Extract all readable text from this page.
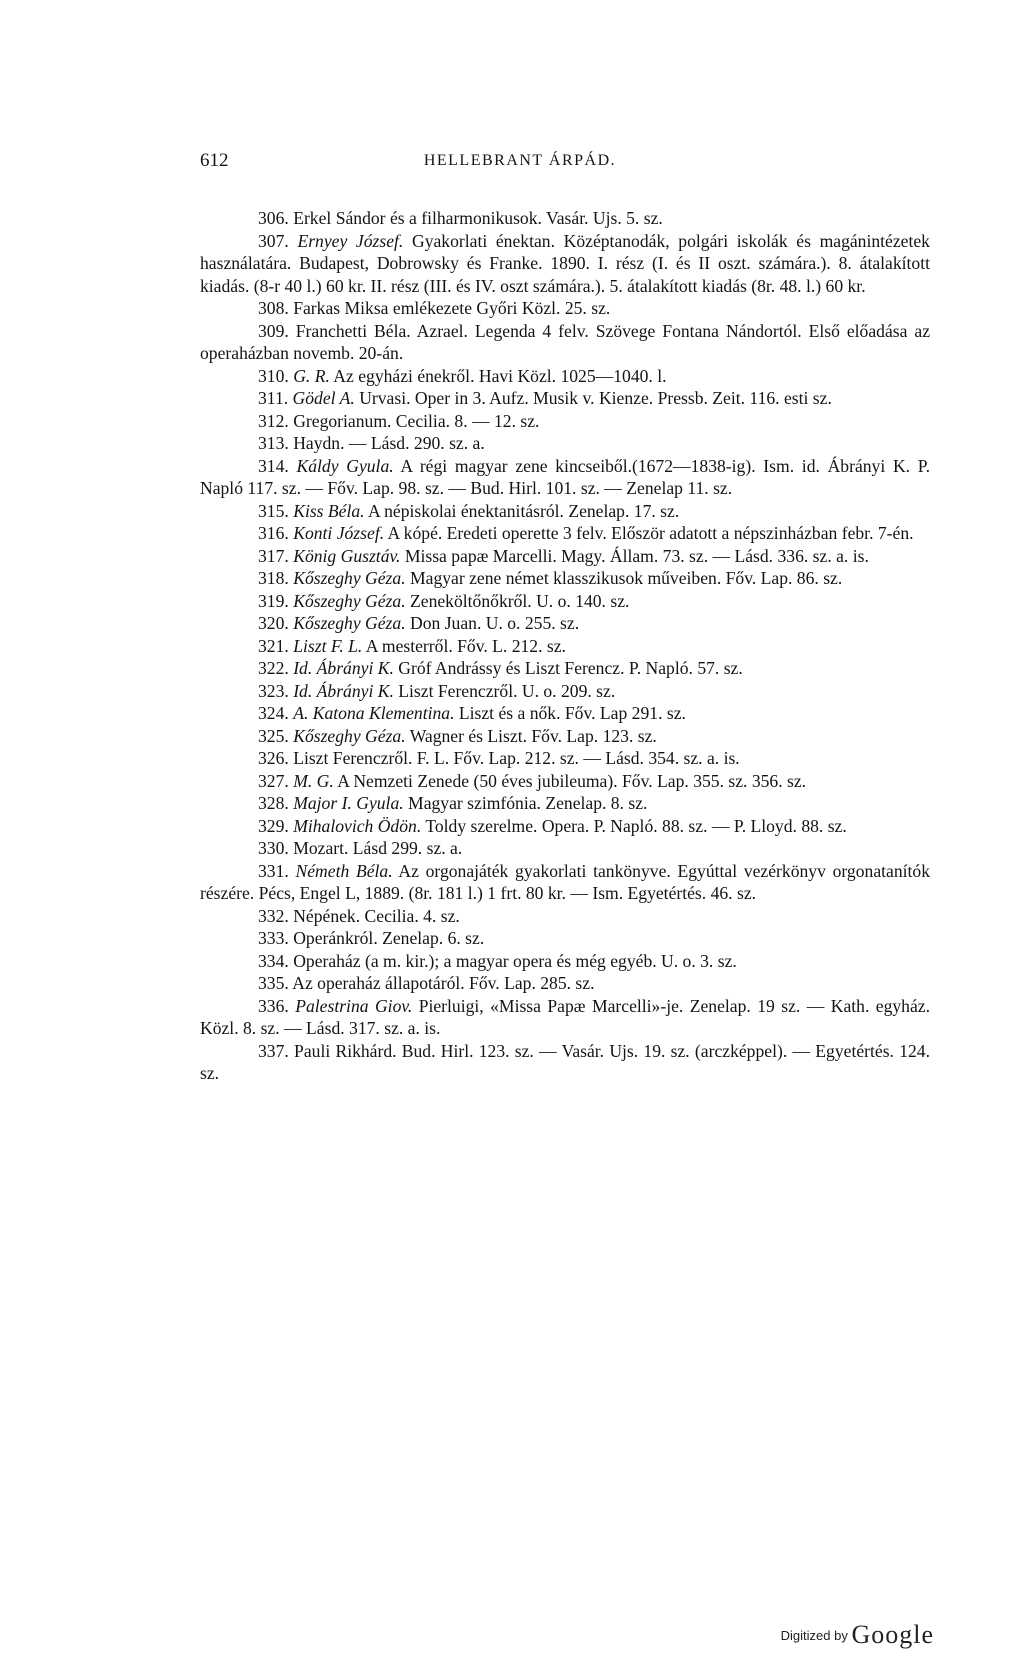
612	HELLEBRANT ÁRPÁD.
306. Erkel Sándor és a filharmonikusok. Vasár. Ujs. 5. sz.
307. Ernyey József. Gyakorlati énektan. Középtanodák, polgári iskolák és magánintézetek használatára. Budapest, Dobrowsky és Franke. 1890. I. rész (I. és II oszt. számára.). 8. átalakított kiadás. (8-r 40 l.) 60 kr. II. rész (III. és IV. oszt számára.). 5. átalakított kiadás (8r. 48. l.) 60 kr.
308. Farkas Miksa emlékezete Győri Közl. 25. sz.
309. Franchetti Béla. Azrael. Legenda 4 felv. Szövege Fontana Nándortól. Első előadása az operaházban novemb. 20-án.
310. G. R. Az egyházi énekről. Havi Közl. 1025—1040. l.
311. Gödel A. Urvasi. Oper in 3. Aufz. Musik v. Kienze. Pressb. Zeit. 116. esti sz.
312. Gregorianum. Cecilia. 8. — 12. sz.
313. Haydn. — Lásd. 290. sz. a.
314. Káldy Gyula. A régi magyar zene kincseiből.(1672—1838-ig). Ism. id. Ábrányi K. P. Napló 117. sz. — Főv. Lap. 98. sz. — Bud. Hirl. 101. sz. — Zenelap 11. sz.
315. Kiss Béla. A népiskolai énektanitásról. Zenelap. 17. sz.
316. Konti József. A kópé. Eredeti operette 3 felv. Először adatott a népszinházban febr. 7-én.
317. König Gusztáv. Missa papæ Marcelli. Magy. Állam. 73. sz. — Lásd. 336. sz. a. is.
318. Kőszeghy Géza. Magyar zene német klasszikusok műveiben. Főv. Lap. 86. sz.
319. Kőszeghy Géza. Zeneköltőnőkről. U. o. 140. sz.
320. Kőszeghy Géza. Don Juan. U. o. 255. sz.
321. Liszt F. L. A mesterről. Főv. L. 212. sz.
322. Id. Ábrányi K. Gróf Andrássy és Liszt Ferencz. P. Napló. 57. sz.
323. Id. Ábrányi K. Liszt Ferenczről. U. o. 209. sz.
324. A. Katona Klementina. Liszt és a nők. Főv. Lap 291. sz.
325. Kőszeghy Géza. Wagner és Liszt. Főv. Lap. 123. sz.
326. Liszt Ferenczről. F. L. Főv. Lap. 212. sz. — Lásd. 354. sz. a. is.
327. M. G. A Nemzeti Zenede (50 éves jubileuma). Főv. Lap. 355. sz. 356. sz.
328. Major I. Gyula. Magyar szimfónia. Zenelap. 8. sz.
329. Mihalovich Ödön. Toldy szerelme. Opera. P. Napló. 88. sz. — P. Lloyd. 88. sz.
330. Mozart. Lásd 299. sz. a.
331. Németh Béla. Az orgonajáték gyakorlati tankönyve. Egyúttal vezérkönyv orgonatanítók részére. Pécs, Engel L, 1889. (8r. 181 l.) 1 frt. 80 kr. — Ism. Egyetértés. 46. sz.
332. Népének. Cecilia. 4. sz.
333. Operánkról. Zenelap. 6. sz.
334. Operaház (a m. kir.); a magyar opera és még egyéb. U. o. 3. sz.
335. Az operaház állapotáról. Főv. Lap. 285. sz.
336. Palestrina Giov. Pierluigi, «Missa Papæ Marcelli»-je. Zenelap. 19 sz. — Kath. egyház. Közl. 8. sz. — Lásd. 317. sz. a. is.
337. Pauli Rikhárd. Bud. Hirl. 123. sz. — Vasár. Ujs. 19. sz. (arczképpel). — Egyetértés. 124. sz.
Digitized by Google
